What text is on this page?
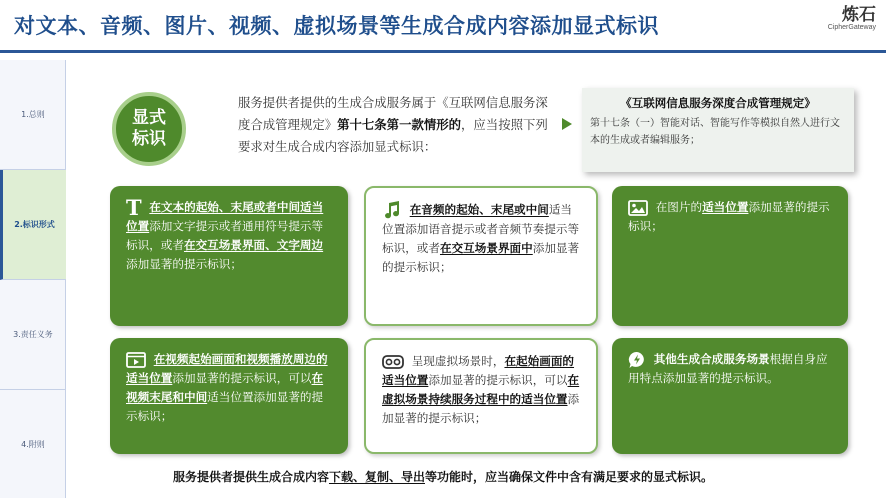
对文本、音频、图片、视频、虚拟场景等生成合成内容添加显式标识	炼石
CipherGateway
1.总则
2.标识形式
3.责任义务
4.附则
显式
标识
服务提供者提供的生成合成服务属于《互联网信息服务深度合成管理规定》第十七条第一款情形的，应当按照下列要求对生成合成内容添加显式标识：
《互联网信息服务深度合成管理规定》
第十七条（一）智能对话、智能写作等模拟自然人进行文本的生成或者编辑服务；
T 在文本的起始、末尾或者中间适当位置添加文字提示或者通用符号提示等标识，或者在交互场景界面、文字周边添加显著的提示标识；
在音频的起始、末尾或中间适当位置添加语音提示或者音频节奏提示等标识，或者在交互场景界面中添加显著的提示标识；
在图片的适当位置添加显著的提示标识；
在视频起始画面和视频播放周边的适当位置添加显著的提示标识，可以在视频末尾和中间适当位置添加显著的提示标识；
呈现虚拟场景时，在起始画面的适当位置添加显著的提示标识，可以在虚拟场景持续服务过程中的适当位置添加显著的提示标识；
其他生成合成服务场景根据自身应用特点添加显著的提示标识。
服务提供者提供生成合成内容下载、复制、导出等功能时，应当确保文件中含有满足要求的显式标识。
